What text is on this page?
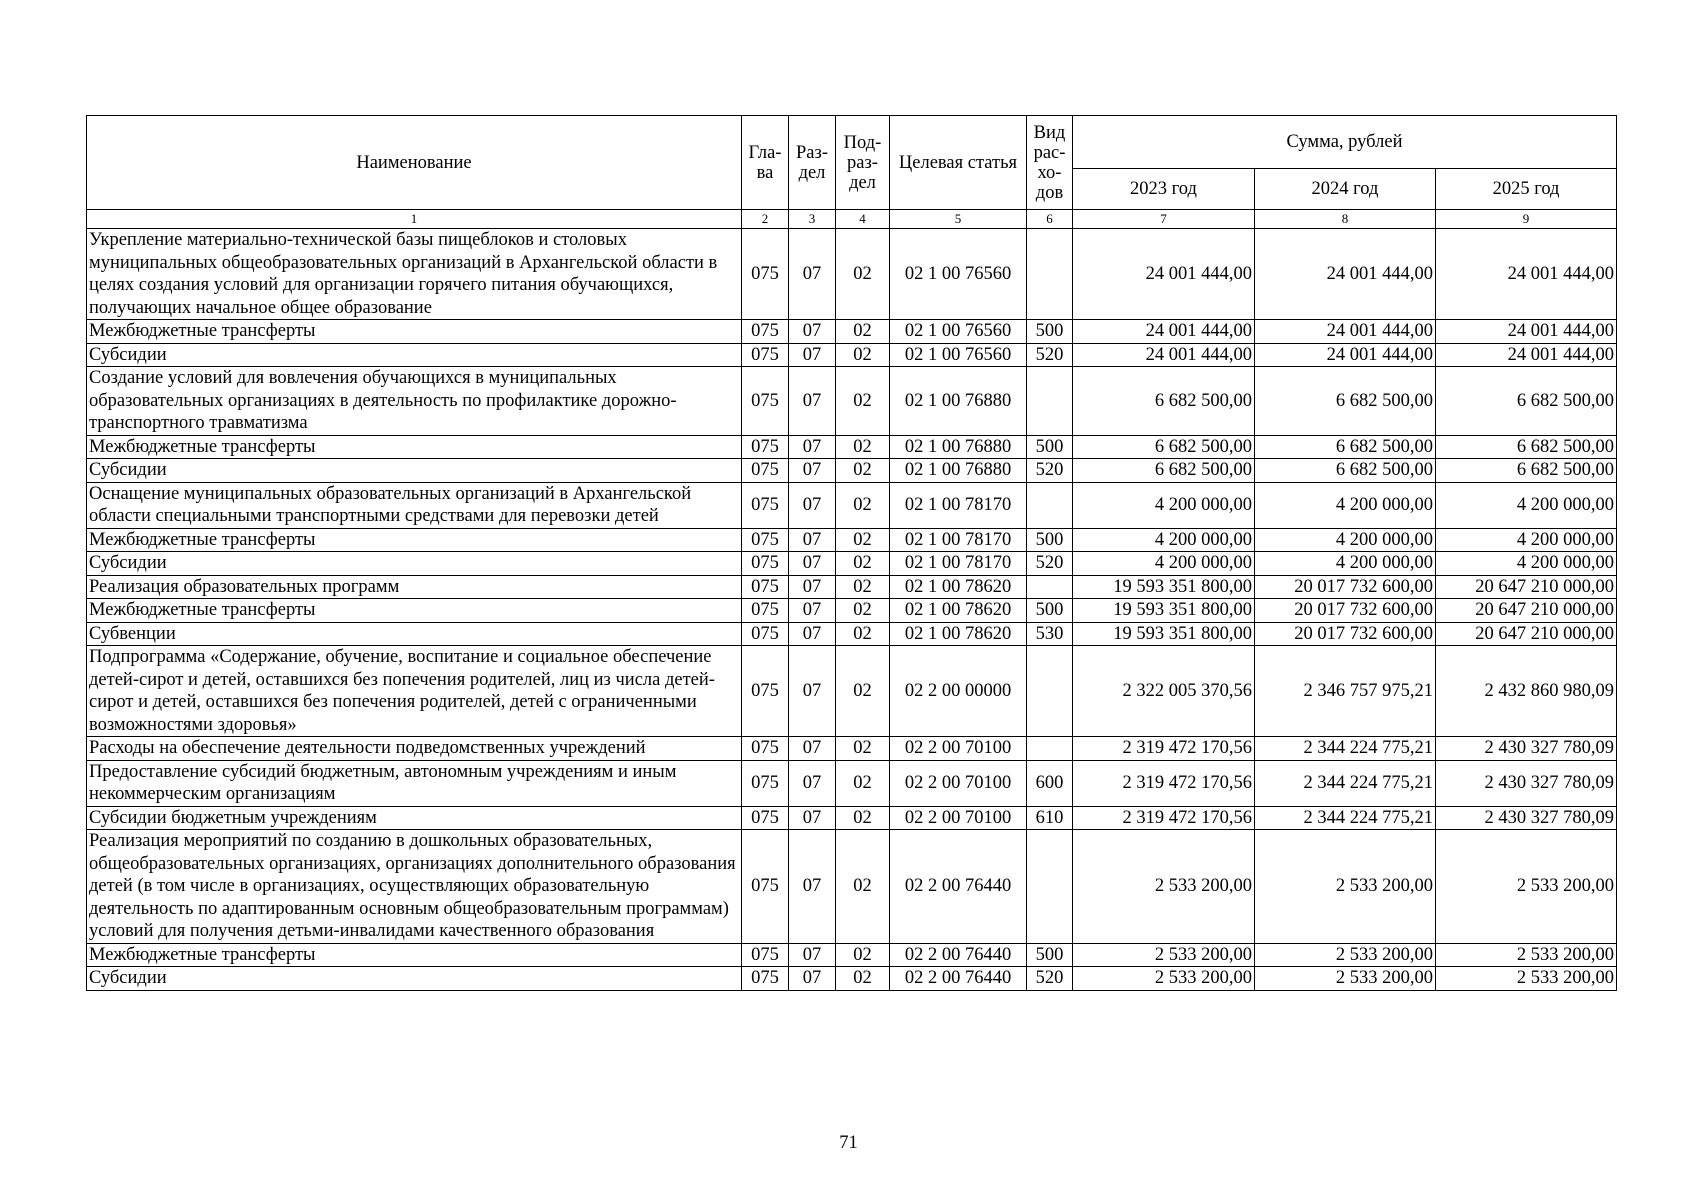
Наименование	Гла-ва	Раз-дел	Под-раз-дел	Целевая статья	Вид рас-хо-дов	Сумма, рублей		
						2023 год	2024 год	2025 год
1	2	3	4	5	6	7	8	9
Укрепление материально-технической базы пищеблоков и столовых муниципальных общеобразовательных организаций в Архангельской области в целях создания условий для организации горячего питания обучающихся, получающих начальное общее образование	075	07	02	02 1 00 76560		24 001 444,00	24 001 444,00	24 001 444,00
Межбюджетные трансферты	075	07	02	02 1 00 76560	500	24 001 444,00	24 001 444,00	24 001 444,00
Субсидии	075	07	02	02 1 00 76560	520	24 001 444,00	24 001 444,00	24 001 444,00
Создание условий для вовлечения обучающихся в муниципальных образовательных организациях в деятельность по профилактике дорожно-транспортного травматизма	075	07	02	02 1 00 76880		6 682 500,00	6 682 500,00	6 682 500,00
Межбюджетные трансферты	075	07	02	02 1 00 76880	500	6 682 500,00	6 682 500,00	6 682 500,00
Субсидии	075	07	02	02 1 00 76880	520	6 682 500,00	6 682 500,00	6 682 500,00
Оснащение муниципальных образовательных организаций в Архангельской области специальными транспортными средствами для перевозки детей	075	07	02	02 1 00 78170		4 200 000,00	4 200 000,00	4 200 000,00
Межбюджетные трансферты	075	07	02	02 1 00 78170	500	4 200 000,00	4 200 000,00	4 200 000,00
Субсидии	075	07	02	02 1 00 78170	520	4 200 000,00	4 200 000,00	4 200 000,00
Реализация образовательных программ	075	07	02	02 1 00 78620		19 593 351 800,00	20 017 732 600,00	20 647 210 000,00
Межбюджетные трансферты	075	07	02	02 1 00 78620	500	19 593 351 800,00	20 017 732 600,00	20 647 210 000,00
Субвенции	075	07	02	02 1 00 78620	530	19 593 351 800,00	20 017 732 600,00	20 647 210 000,00
Подпрограмма «Содержание, обучение, воспитание и социальное обеспечение детей-сирот и детей, оставшихся без попечения родителей, лиц из числа детей-сирот и детей, оставшихся без попечения родителей, детей с ограниченными возможностями здоровья»	075	07	02	02 2 00 00000		2 322 005 370,56	2 346 757 975,21	2 432 860 980,09
Расходы на обеспечение деятельности подведомственных учреждений	075	07	02	02 2 00 70100		2 319 472 170,56	2 344 224 775,21	2 430 327 780,09
Предоставление субсидий бюджетным, автономным учреждениям и иным некоммерческим организациям	075	07	02	02 2 00 70100	600	2 319 472 170,56	2 344 224 775,21	2 430 327 780,09
Субсидии бюджетным учреждениям	075	07	02	02 2 00 70100	610	2 319 472 170,56	2 344 224 775,21	2 430 327 780,09
Реализация мероприятий по созданию в дошкольных образовательных, общеобразовательных организациях, организациях дополнительного образования детей (в том числе в организациях, осуществляющих образовательную деятельность по адаптированным основным общеобразовательным программам) условий для получения детьми-инвалидами качественного образования	075	07	02	02 2 00 76440		2 533 200,00	2 533 200,00	2 533 200,00
Межбюджетные трансферты	075	07	02	02 2 00 76440	500	2 533 200,00	2 533 200,00	2 533 200,00
Субсидии	075	07	02	02 2 00 76440	520	2 533 200,00	2 533 200,00	2 533 200,00
71
